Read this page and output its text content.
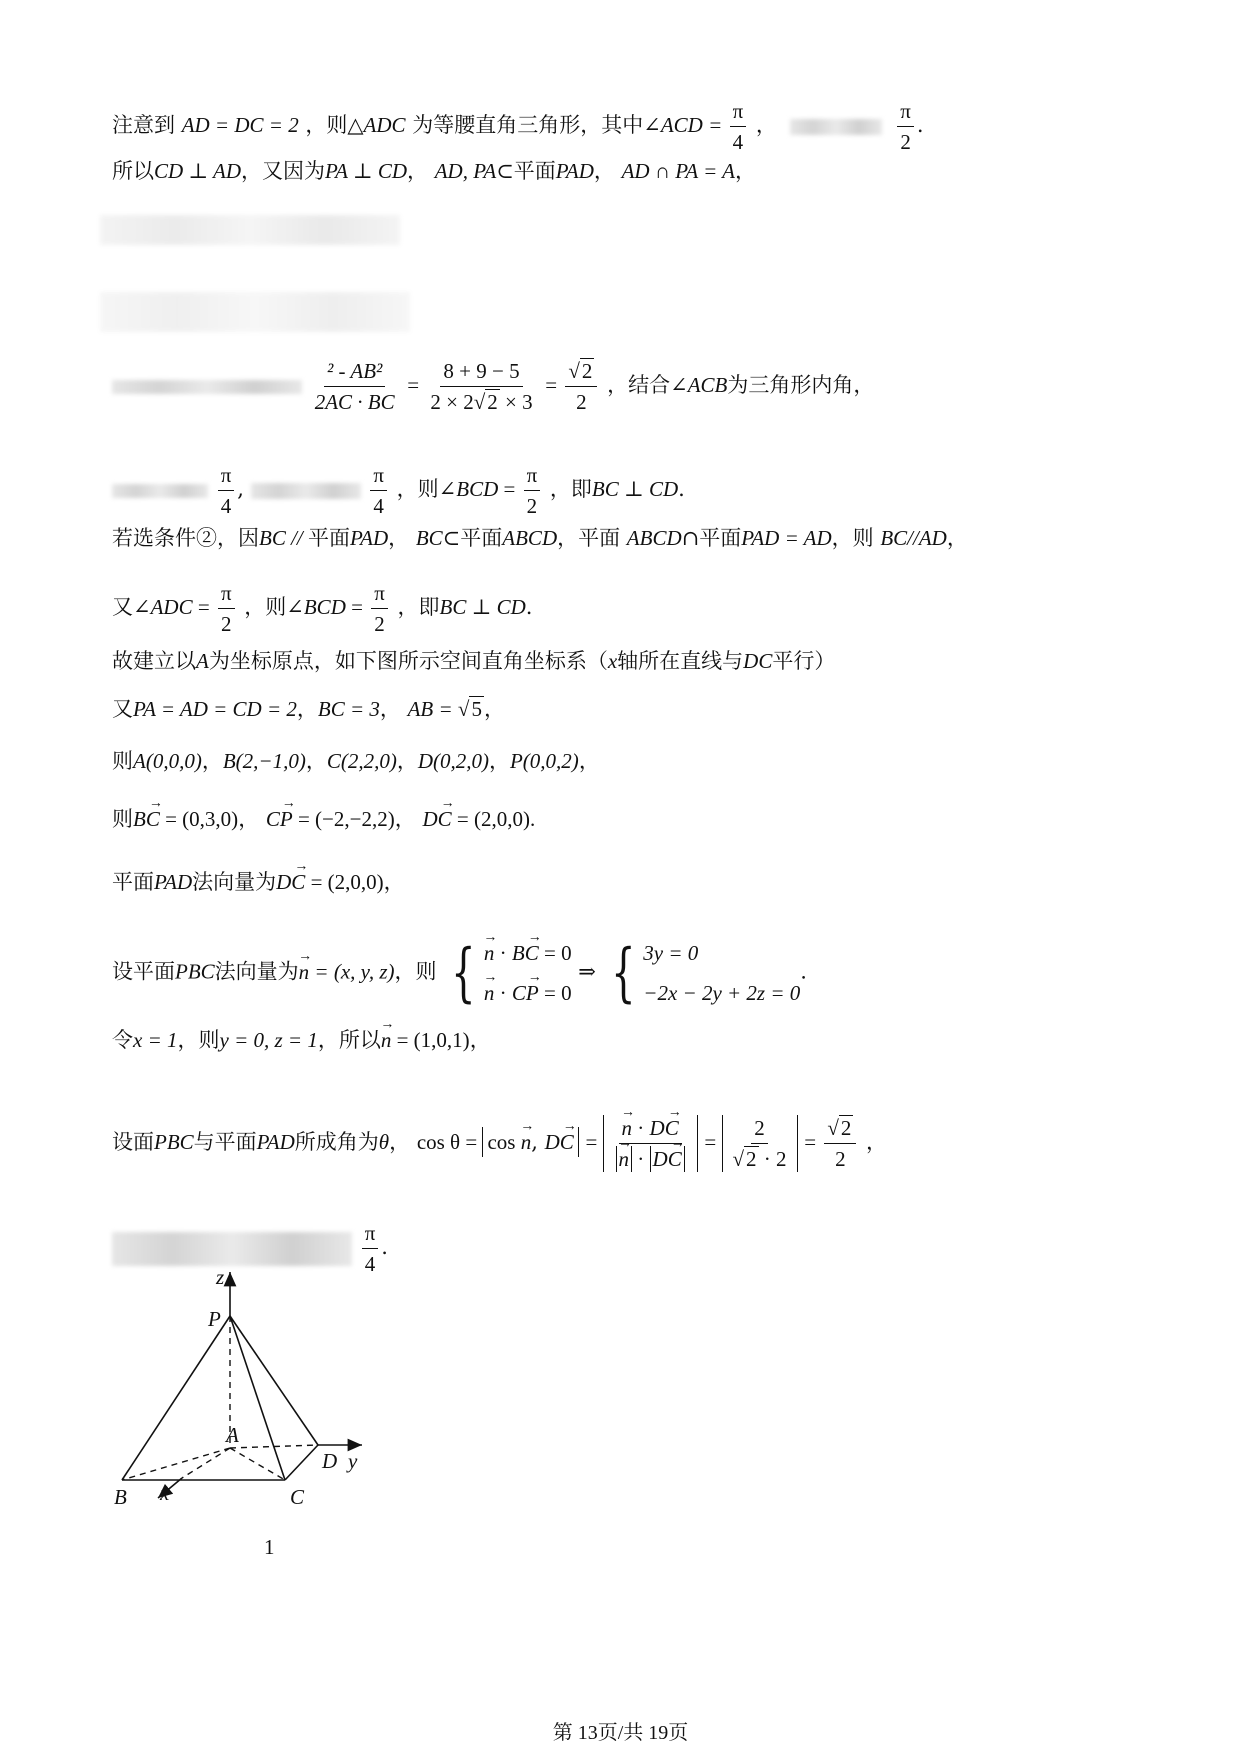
注意到 AD = DC = 2 ，则△ADC 为等腰直角三角形，其中∠ACD = $\frac{\pi}{4}$ ，	$\frac{\pi}{2}$ .
所以CD ⊥ AD，又因为PA ⊥ CD， AD, PA⊂平面PAD， AD ∩ PA = A，

$\frac{\text{² - AB²}}{2AC \cdot BC} = \frac{8 + 9 - 5}{2 \times 2√2 \times 3} = \frac{√2}{2}$ ，结合∠ACB为三角形内角，

$\frac{\pi}{4}$ ,	$\frac{\pi}{4}$ ，则∠BCD = $\frac{\pi}{2}$ ，即BC ⊥ CD.
若选条件②，因BC // 平面PAD， BC⊂平面ABCD，平面 ABCD∩平面PAD = AD，则 BC//AD，
又∠ADC = $\frac{\pi}{2}$ ，则∠BCD = $\frac{\pi}{2}$ ，即BC ⊥ CD.
故建立以A为坐标原点，如下图所示空间直角坐标系（x轴所在直线与DC平行）
又PA = AD = CD = 2，BC = 3， AB = √5，
则A(0,0,0)，B(2,−1,0)，C(2,2,0)，D(0,2,0)，P(0,0,2)，
则→ BC = (0,3,0)， → CP = (−2,−2,2)， → DC = (2,0,0).
平面PAD法向量为→ DC = (2,0,0)，
设平面PBC法向量为→ n = (x, y, z)，则 { → n · → BC = 0
→ n · → CP = 0
⇒ { 3y = 0
−2x − 2y + 2z = 0
.
令x = 1，则y = 0, z = 1，所以→ n = (1,0,1)，
设面PBC与平面PAD所成角为θ， cos θ = cos → n, → DC = → n · → DC
→ n · → DC = $\frac{2}{√2 \cdot 2} = \frac{√2}{2}$ ，

$\frac{\pi}{4}$ .
z
P
A
D y
B x	C
1
第 13页/共 19页
